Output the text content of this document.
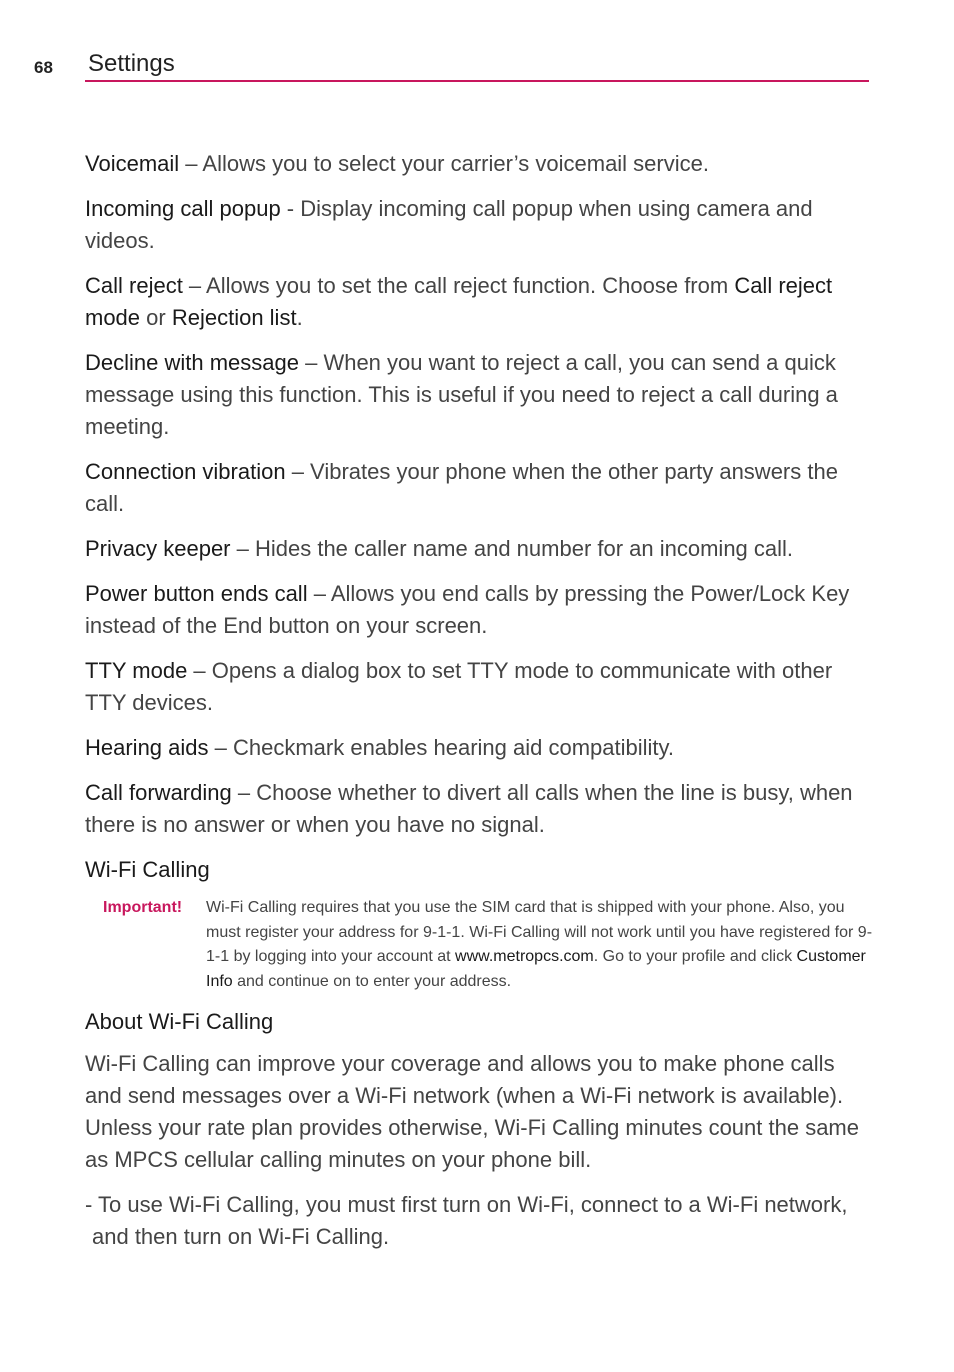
68 Settings

Voicemail – Allows you to select your carrier’s voicemail service.

Incoming call popup - Display incoming call popup when using camera and videos.

Call reject – Allows you to set the call reject function. Choose from Call reject mode or Rejection list.

Decline with message – When you want to reject a call, you can send a quick message using this function. This is useful if you need to reject a call during a meeting.

Connection vibration – Vibrates your phone when the other party answers the call.

Privacy keeper – Hides the caller name and number for an incoming call.

Power button ends call – Allows you end calls by pressing the Power/Lock Key instead of the End button on your screen.

TTY mode – Opens a dialog box to set TTY mode to communicate with other TTY devices.

Hearing aids – Checkmark enables hearing aid compatibility.

Call forwarding – Choose whether to divert all calls when the line is busy, when there is no answer or when you have no signal.

Wi-Fi Calling
Important!	Wi-Fi Calling requires that you use the SIM card that is shipped with your phone. Also, you must register your address for 9-1-1. Wi-Fi Calling will not work until you have registered for 9-1-1 by logging into your account at www.metropcs.com. Go to your profile and click Customer Info and continue on to enter your address.
About Wi-Fi Calling

Wi-Fi Calling can improve your coverage and allows you to make phone calls and send messages over a Wi-Fi network (when a Wi-Fi network is available). Unless your rate plan provides otherwise, Wi-Fi Calling minutes count the same as MPCS cellular calling minutes on your phone bill.

- To use Wi-Fi Calling, you must first turn on Wi-Fi, connect to a Wi-Fi network, and then turn on Wi-Fi Calling.
